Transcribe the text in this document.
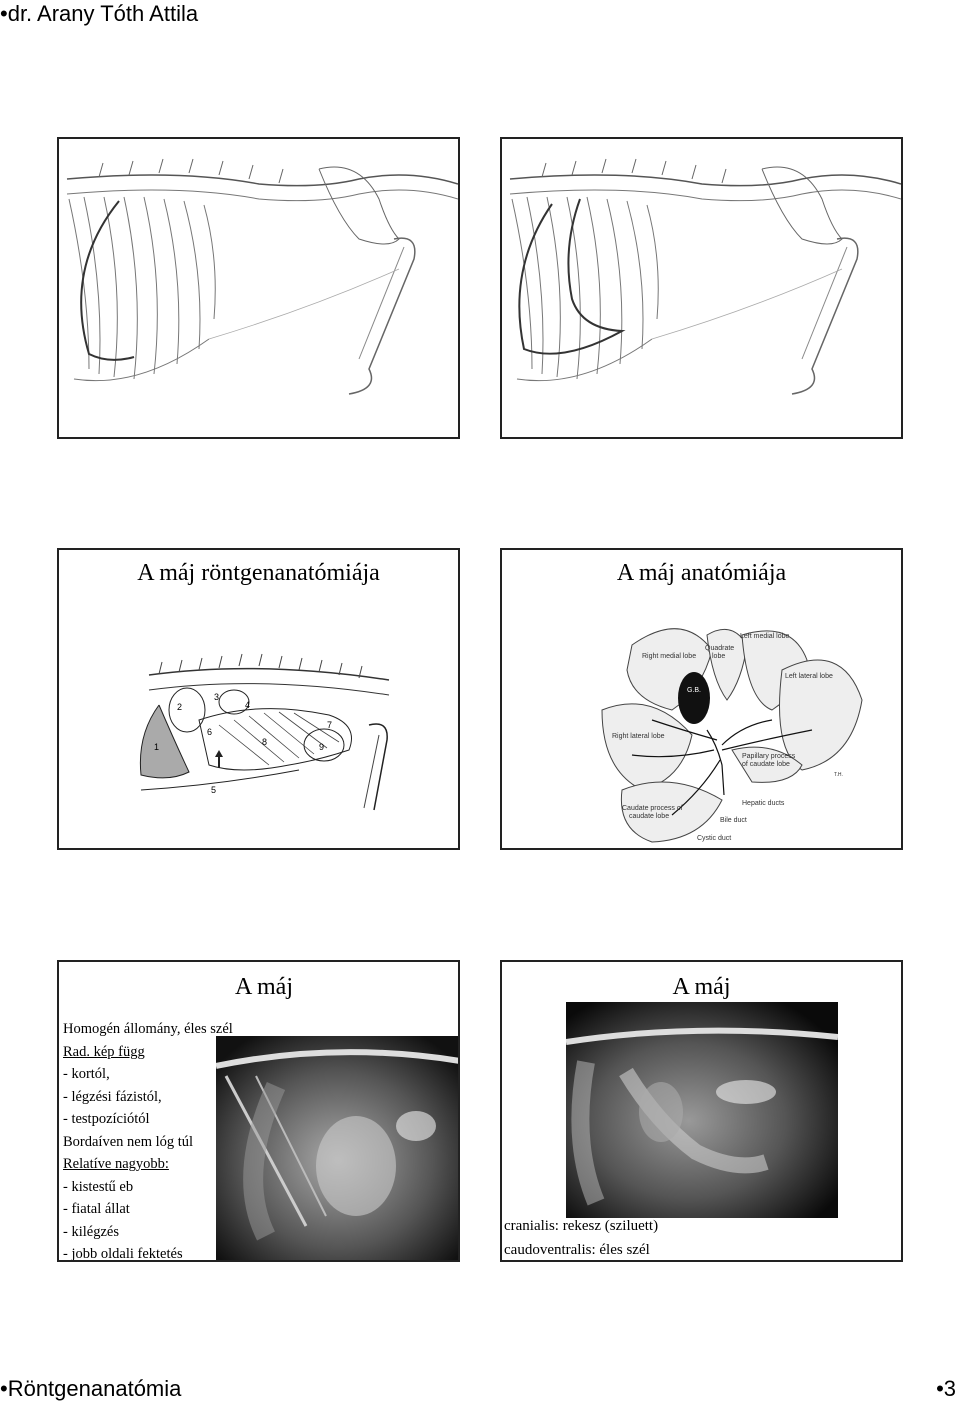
•dr. Arany Tóth Attila
A máj röntgenanatómiája
1
2
3
4
5
6
7
8	9
A máj anatómiája
Right medial lobe
Quadrate
lobe
Left medial lobe
Left lateral lobe
G.B.
Right lateral lobe
Papillary process
of caudate lobe
Caudate process of
caudate lobe
Hepatic ducts
Bile duct
Cystic duct
T.H.
A máj
Homogén állomány, éles szél
Rad. kép függ
- kortól,
- légzési fázistól,
- testpozíciótól
Bordaíven nem lóg túl
Relatíve nagyobb:
- kistestű eb
- fiatal állat
- kilégzés
- jobb oldali fektetés
A máj
cranialis: rekesz (sziluett)
caudoventralis: éles szél
•Röntgenanatómia	•3
